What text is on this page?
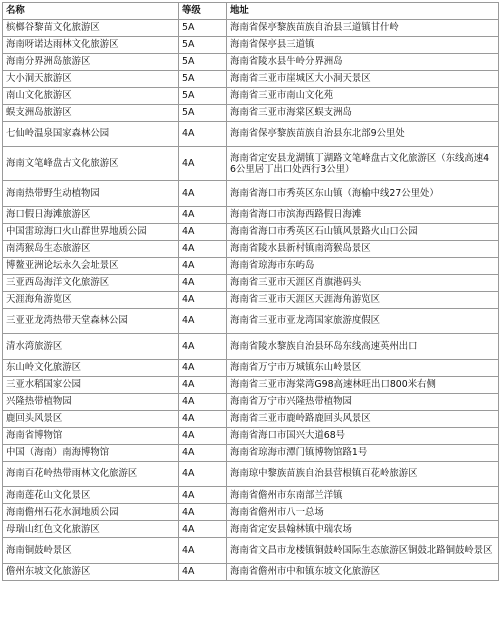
名称	等级	地址
槟榔谷黎苗文化旅游区	5A	海南省保亭黎族苗族自治县三道镇甘什岭
海南呀诺达雨林文化旅游区	5A	海南省保亭县三道镇
海南分界洲岛旅游区	5A	海南省陵水县牛岭分界洲岛
大小洞天旅游区	5A	海南省三亚市崖城区大小洞天景区
南山文化旅游区	5A	海南省三亚市南山文化苑
蜈支洲岛旅游区	5A	海南省三亚市海棠区蜈支洲岛
七仙岭温泉国家森林公园	4A	海南省保亭黎族苗族自治县东北部9公里处
海南文笔峰盘古文化旅游区	4A	海南省定安县龙湖镇丁湖路文笔峰盘古文化旅游区（东线高速46公里居丁出口处西行3公里）
海南热带野生动植物园	4A	海南省海口市秀英区东山镇（海榆中线27公里处）
海口假日海滩旅游区	4A	海南省海口市滨海西路假日海滩
中国雷琼海口火山群世界地质公园	4A	海南省海口市秀英区石山镇风景路火山口公园
南湾猴岛生态旅游区	4A	海南省陵水县新村镇南湾猴岛景区
博鳌亚洲论坛永久会址景区	4A	海南省琼海市东屿岛
三亚西岛海洋文化旅游区	4A	海南省三亚市天涯区肖旗港码头
天涯海角游览区	4A	海南省三亚市天涯区天涯海角游览区
三亚亚龙湾热带天堂森林公园	4A	海南省三亚市亚龙湾国家旅游度假区
清水湾旅游区	4A	海南省陵水黎族自治县环岛东线高速英州出口
东山岭文化旅游区	4A	海南省万宁市万城镇东山岭景区
三亚水稻国家公园	4A	海南省三亚市海棠湾G98高速林旺出口800米右侧
兴隆热带植物园	4A	海南省万宁市兴隆热带植物园
鹿回头风景区	4A	海南省三亚市鹿岭路鹿回头风景区
海南省博物馆	4A	海南省海口市国兴大道68号
中国（海南）南海博物馆	4A	海南省琼海市潭门镇博物馆路1号
海南百花岭热带雨林文化旅游区	4A	海南琼中黎族苗族自治县营根镇百花岭旅游区
海南莲花山文化景区	4A	海南省儋州市东南部兰洋镇
海南儋州石花水洞地质公园	4A	海南省儋州市八一总场
母瑞山红色文化旅游区	4A	海南省定安县翰林镇中瑞农场
海南铜鼓岭景区	4A	海南省文昌市龙楼镇铜鼓岭国际生态旅游区铜鼓北路铜鼓岭景区
儋州东坡文化旅游区	4A	海南省儋州市中和镇东坡文化旅游区
